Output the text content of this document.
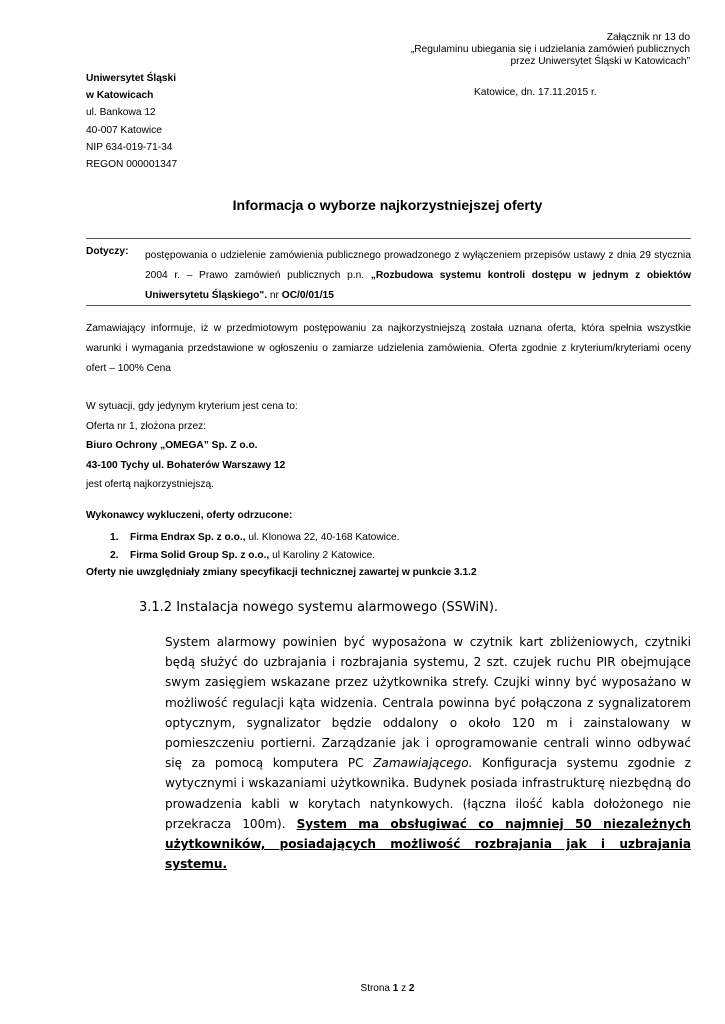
Załącznik nr 13 do
„Regulaminu ubiegania się i udzielania zamówień publicznych
przez Uniwersytet Śląski w Katowicach”
Uniwersytet Śląski
w Katowicach
ul. Bankowa 12
40-007 Katowice
NIP 634-019-71-34
REGON 000001347
Katowice, dn. 17.11.2015 r.
Informacja o wyborze najkorzystniejszej oferty
Dotyczy: postępowania o udzielenie zamówienia publicznego prowadzonego z wyłączeniem przepisów ustawy z dnia 29 stycznia 2004 r. – Prawo zamówień publicznych p.n. „Rozbudowa systemu kontroli dostępu w jednym z obiektów Uniwersytetu Śląskiego". nr OC/0/01/15
Zamawiający informuje, iż w przedmiotowym postępowaniu za najkorzystniejszą została uznana oferta, która spełnia wszystkie warunki i wymagania przedstawione w ogłoszeniu o zamiarze udzielenia zamówienia. Oferta zgodnie z kryterium/kryteriami oceny ofert – 100% Cena
W sytuacji, gdy jedynym kryterium jest cena to:
Oferta nr 1, złożona przez:
Biuro Ochrony „OMEGA” Sp. Z o.o.
43-100 Tychy ul. Bohaterów Warszawy 12
jest ofertą najkorzystniejszą.
Wykonawcy wykluczeni, oferty odrzucone:
1. Firma Endrax Sp. z o.o., ul. Klonowa 22, 40-168 Katowice.
2. Firma Solid Group Sp. z o.o., ul Karoliny 2 Katowice.
Oferty nie uwzględniały zmiany specyfikacji technicznej zawartej w punkcie 3.1.2
3.1.2 Instalacja nowego systemu alarmowego (SSWiN).
System alarmowy powinien być wyposażona w czytnik kart zbliżeniowych, czytniki będą służyć do uzbrajania i rozbrajania systemu, 2 szt. czujek ruchu PIR obejmujące swym zasięgiem wskazane przez użytkownika strefy. Czujki winny być wyposażano w możliwość regulacji kąta widzenia. Centrala powinna być połączona z sygnalizatorem optycznym, sygnalizator będzie oddalony o około 120 m i zainstalowany w pomieszczeniu portierni. Zarządzanie jak i oprogramowanie centrali winno odbywać się za pomocą komputera PC Zamawiającego. Konfiguracja systemu zgodnie z wytycznymi i wskazaniami użytkownika. Budynek posiada infrastrukturę niezbędną do prowadzenia kabli w korytach natynkowych. (łączna ilość kabla dołożonego nie przekracza 100m). System ma obsługiwać co najmniej 50 niezależnych użytkowników, posiadających możliwość rozbrajania jak i uzbrajania systemu.
Strona 1 z 2
